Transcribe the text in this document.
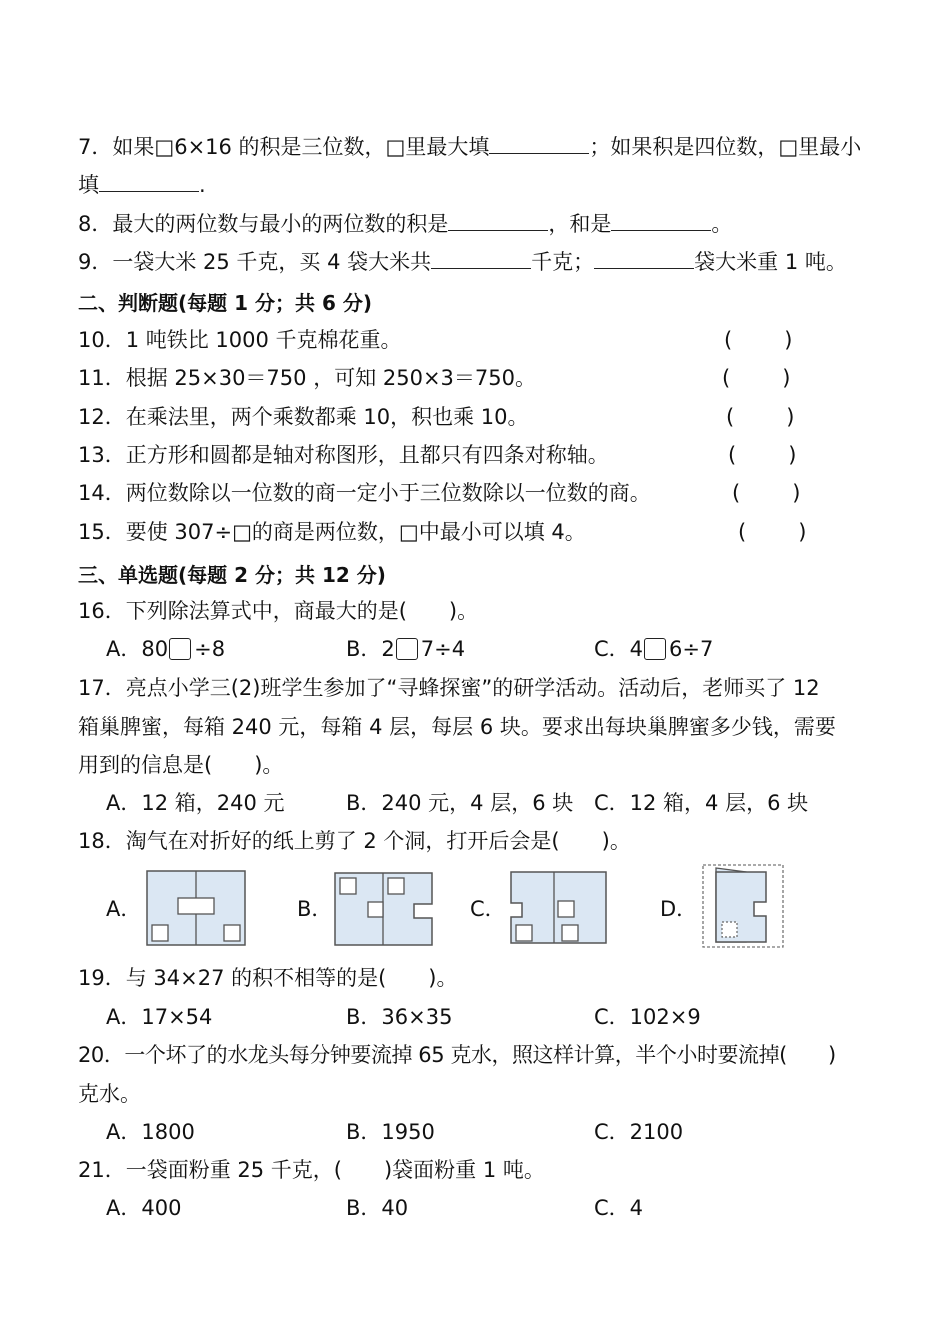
7．如果□6×16 的积是三位数，□里最大填	；如果积是四位数，□里最小
填	.
8．最大的两位数与最小的两位数的积是	，和是	。
9．一袋大米 25 千克，买 4 袋大米共	千克；	袋大米重 1 吨。
二、判断题(每题 1 分；共 6 分)
10．1 吨铁比 1000 千克棉花重。	( )
11．根据 25×30＝750 ，可知 250×3＝750。	( )
12．在乘法里，两个乘数都乘 10，积也乘 10。	( )
13．正方形和圆都是轴对称图形，且都只有四条对称轴。	( )
14．两位数除以一位数的商一定小于三位数除以一位数的商。	( )
15．要使 307÷□的商是两位数，□中最小可以填 4。	( )
三、单选题(每题 2 分；共 12 分)
16．下列除法算式中，商最大的是(　　)。
A．80 ÷8	B．2 7÷4	C．4 6÷7
17．亮点小学三(2)班学生参加了“寻蜂探蜜”的研学活动。活动后，老师买了 12
箱巢脾蜜，每箱 240 元，每箱 4 层，每层 6 块。要求出每块巢脾蜜多少钱，需要
用到的信息是(　　)。
A．12 箱，240 元	B．240 元，4 层，6 块 C．12 箱，4 层，6 块
18．淘气在对折好的纸上剪了 2 个洞，打开后会是(　　)。
A．	B．	C．	D．
19．与 34×27 的积不相等的是(　　)。
A．17×54	B．36×35	C．102×9
20．一个坏了的水龙头每分钟要流掉 65 克水，照这样计算，半个小时要流掉(　　)
克水。
A．1800	B．1950	C．2100
21．一袋面粉重 25 千克，(　　)袋面粉重 1 吨。
A．400	B．40	C．4
